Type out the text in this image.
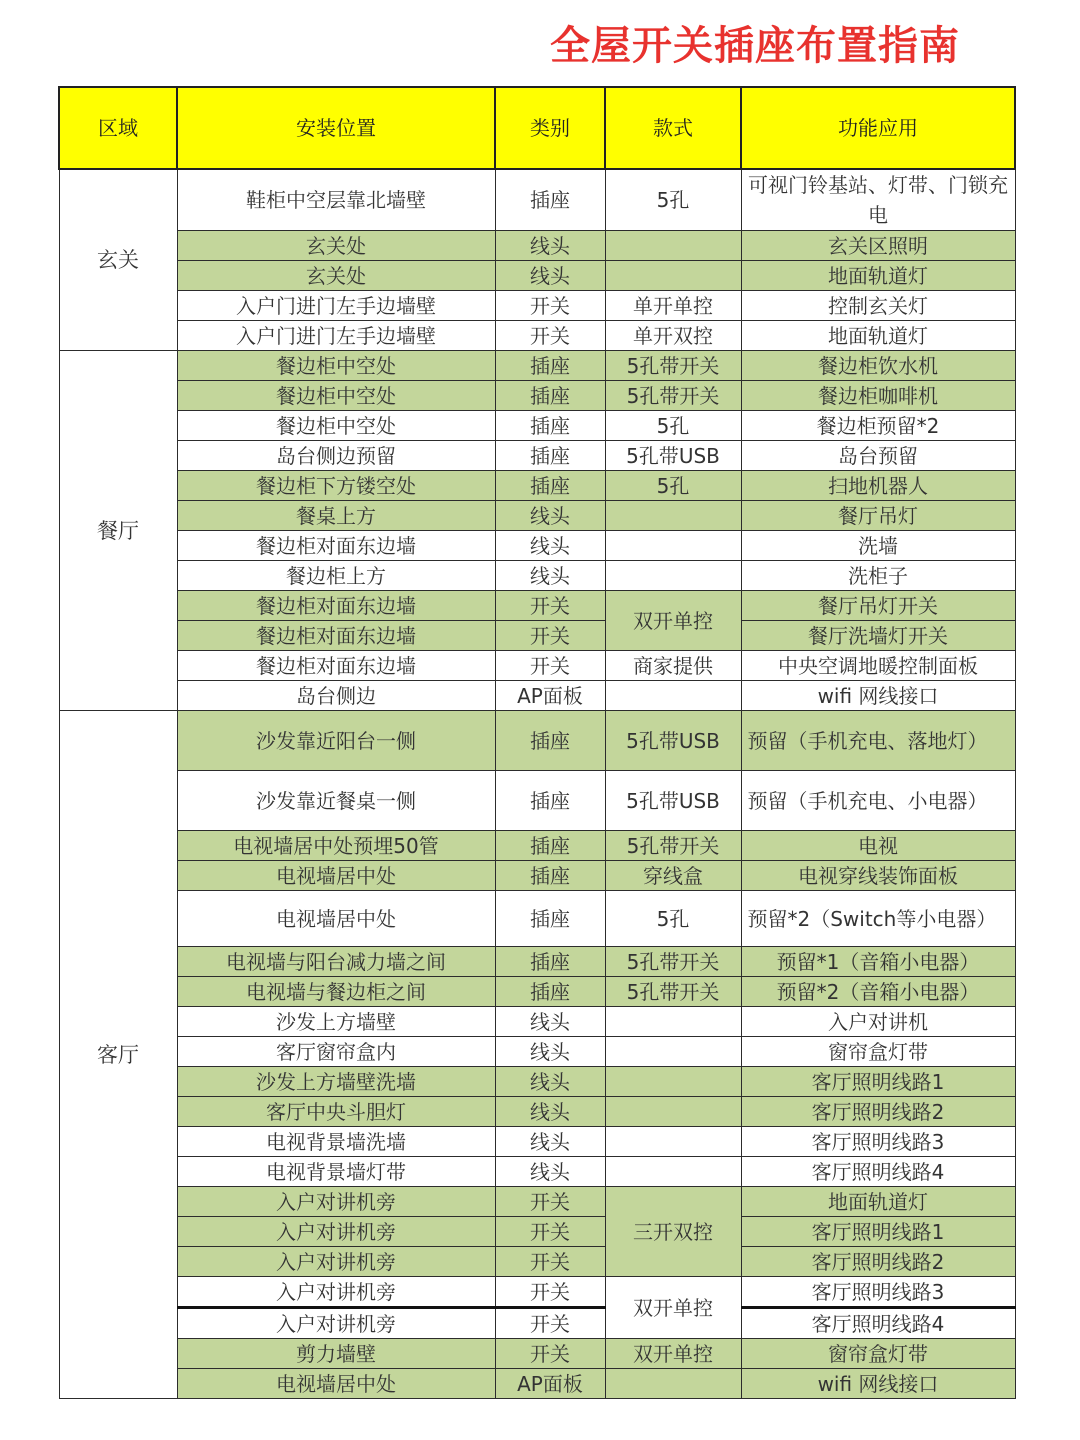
全屋开关插座布置指南
区域	安装位置	类别	款式	功能应用
玄关	鞋柜中空层靠北墙壁	插座	5孔	可视门铃基站、灯带、门锁充电
	玄关处	线头		玄关区照明
	玄关处	线头		地面轨道灯
	入户门进门左手边墙壁	开关	单开单控	控制玄关灯
	入户门进门左手边墙壁	开关	单开双控	地面轨道灯
餐厅	餐边柜中空处	插座	5孔带开关	餐边柜饮水机
	餐边柜中空处	插座	5孔带开关	餐边柜咖啡机
	餐边柜中空处	插座	5孔	餐边柜预留*2
	岛台侧边预留	插座	5孔带USB	岛台预留
	餐边柜下方镂空处	插座	5孔	扫地机器人
	餐桌上方	线头		餐厅吊灯
	餐边柜对面东边墙	线头		洗墙
	餐边柜上方	线头		洗柜子
	餐边柜对面东边墙	开关	双开单控	餐厅吊灯开关
	餐边柜对面东边墙	开关		餐厅洗墙灯开关
	餐边柜对面东边墙	开关	商家提供	中央空调地暖控制面板
	岛台侧边	AP面板		wifi 网线接口
客厅	沙发靠近阳台一侧	插座	5孔带USB	预留（手机充电、落地灯）
	沙发靠近餐桌一侧	插座	5孔带USB	预留（手机充电、小电器）
	电视墙居中处预埋50管	插座	5孔带开关	电视
	电视墙居中处	插座	穿线盒	电视穿线装饰面板
	电视墙居中处	插座	5孔	预留*2（Switch等小电器）
	电视墙与阳台减力墙之间	插座	5孔带开关	预留*1（音箱小电器）
	电视墙与餐边柜之间	插座	5孔带开关	预留*2（音箱小电器）
	沙发上方墙壁	线头		入户对讲机
	客厅窗帘盒内	线头		窗帘盒灯带
	沙发上方墙壁洗墙	线头		客厅照明线路1
	客厅中央斗胆灯	线头		客厅照明线路2
	电视背景墙洗墙	线头		客厅照明线路3
	电视背景墙灯带	线头		客厅照明线路4
	入户对讲机旁	开关	三开双控	地面轨道灯
	入户对讲机旁	开关		客厅照明线路1
	入户对讲机旁	开关		客厅照明线路2
	入户对讲机旁	开关	双开单控	客厅照明线路3
	入户对讲机旁	开关		客厅照明线路4
	剪力墙壁	开关	双开单控	窗帘盒灯带
	电视墙居中处	AP面板		wifi 网线接口
